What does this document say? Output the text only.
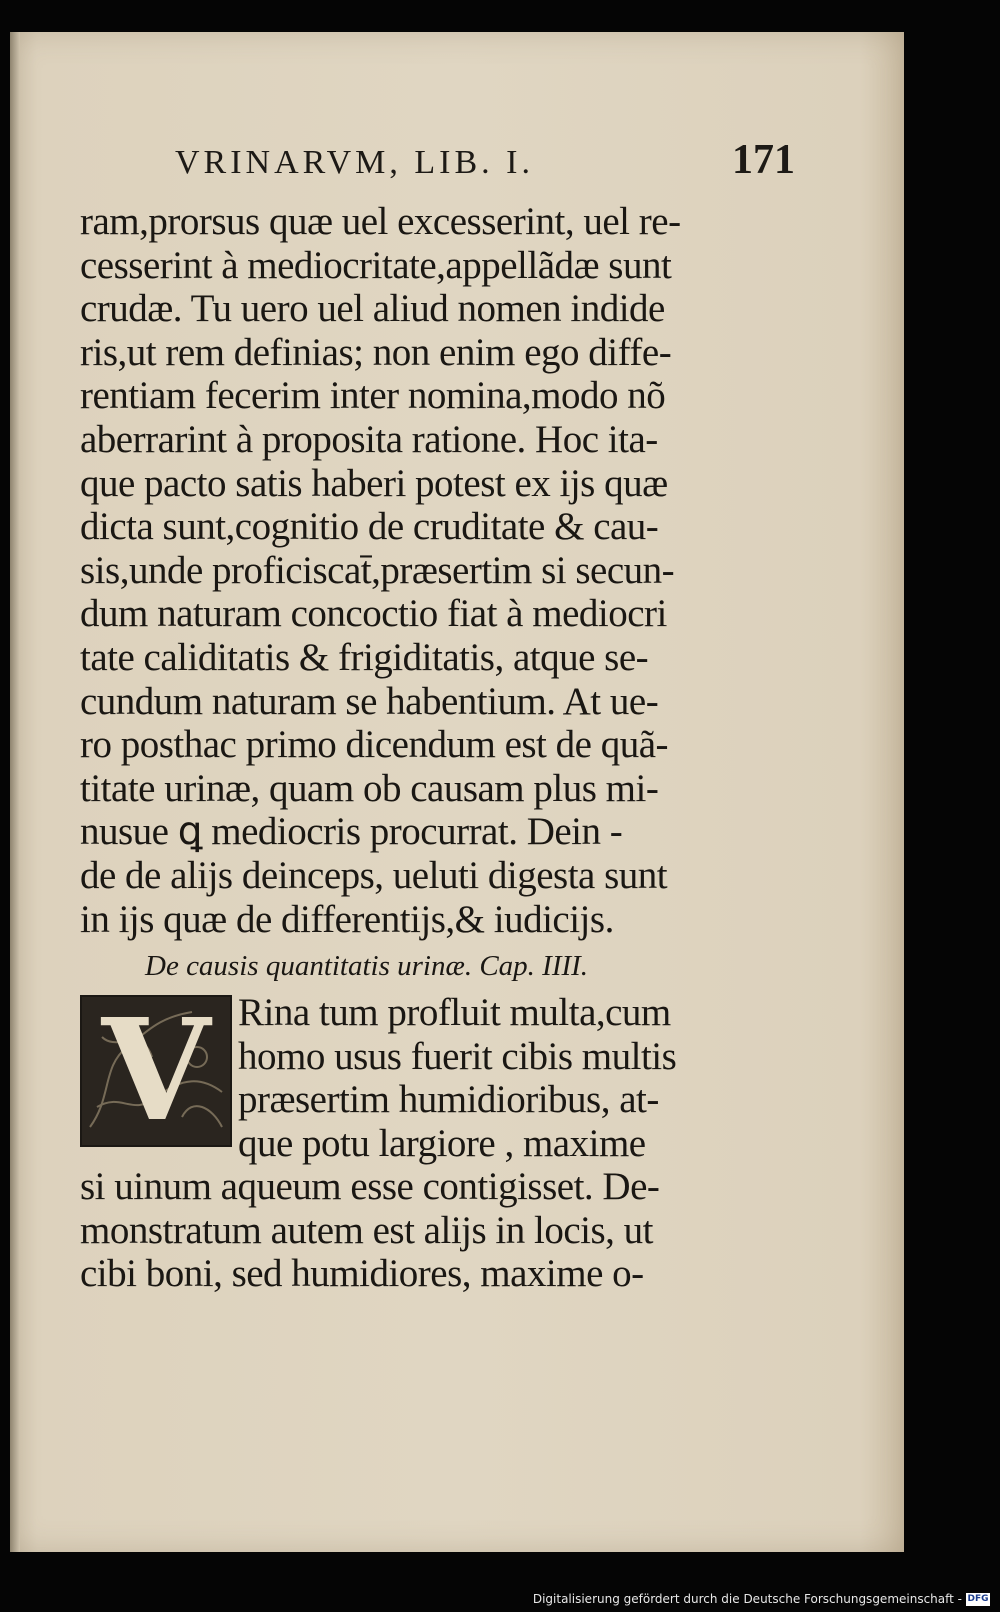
VRINARVM, LIB. I.	171
ram,prorsus quæ uel excesserint, uel re-
cesserint à mediocritate,appellãdæ sunt
crudæ. Tu uero uel aliud nomen indide
ris,ut rem definias; non enim ego diffe-
rentiam fecerim inter nomina,modo nõ
aberrarint à proposita ratione. Hoc ita-
que pacto satis haberi potest ex ijs quæ
dicta sunt,cognitio de cruditate & cau-
sis,unde proficiscat̄,præsertim si secun-
dum naturam concoctio fiat à mediocri
tate caliditatis & frigiditatis, atque se-
cundum naturam se habentium. At ue-
ro posthac primo dicendum est de quã-
titate urinæ, quam ob causam plus mi-
nusue ꝗ mediocris procurrat. Dein -
de de alijs deinceps, ueluti digesta sunt
in ijs quæ de differentijs,& iudicijs.
De causis quantitatis urinæ. Cap. IIII.
V Rina tum profluit multa,cum
homo usus fuerit cibis multis
præsertim humidioribus, at-
que potu largiore , maxime
si uinum aqueum esse contigisset. De-
monstratum autem est alijs in locis, ut
cibi boni, sed humidiores, maxime o-
Digitalisierung gefördert durch die Deutsche Forschungsgemeinschaft - DFG
